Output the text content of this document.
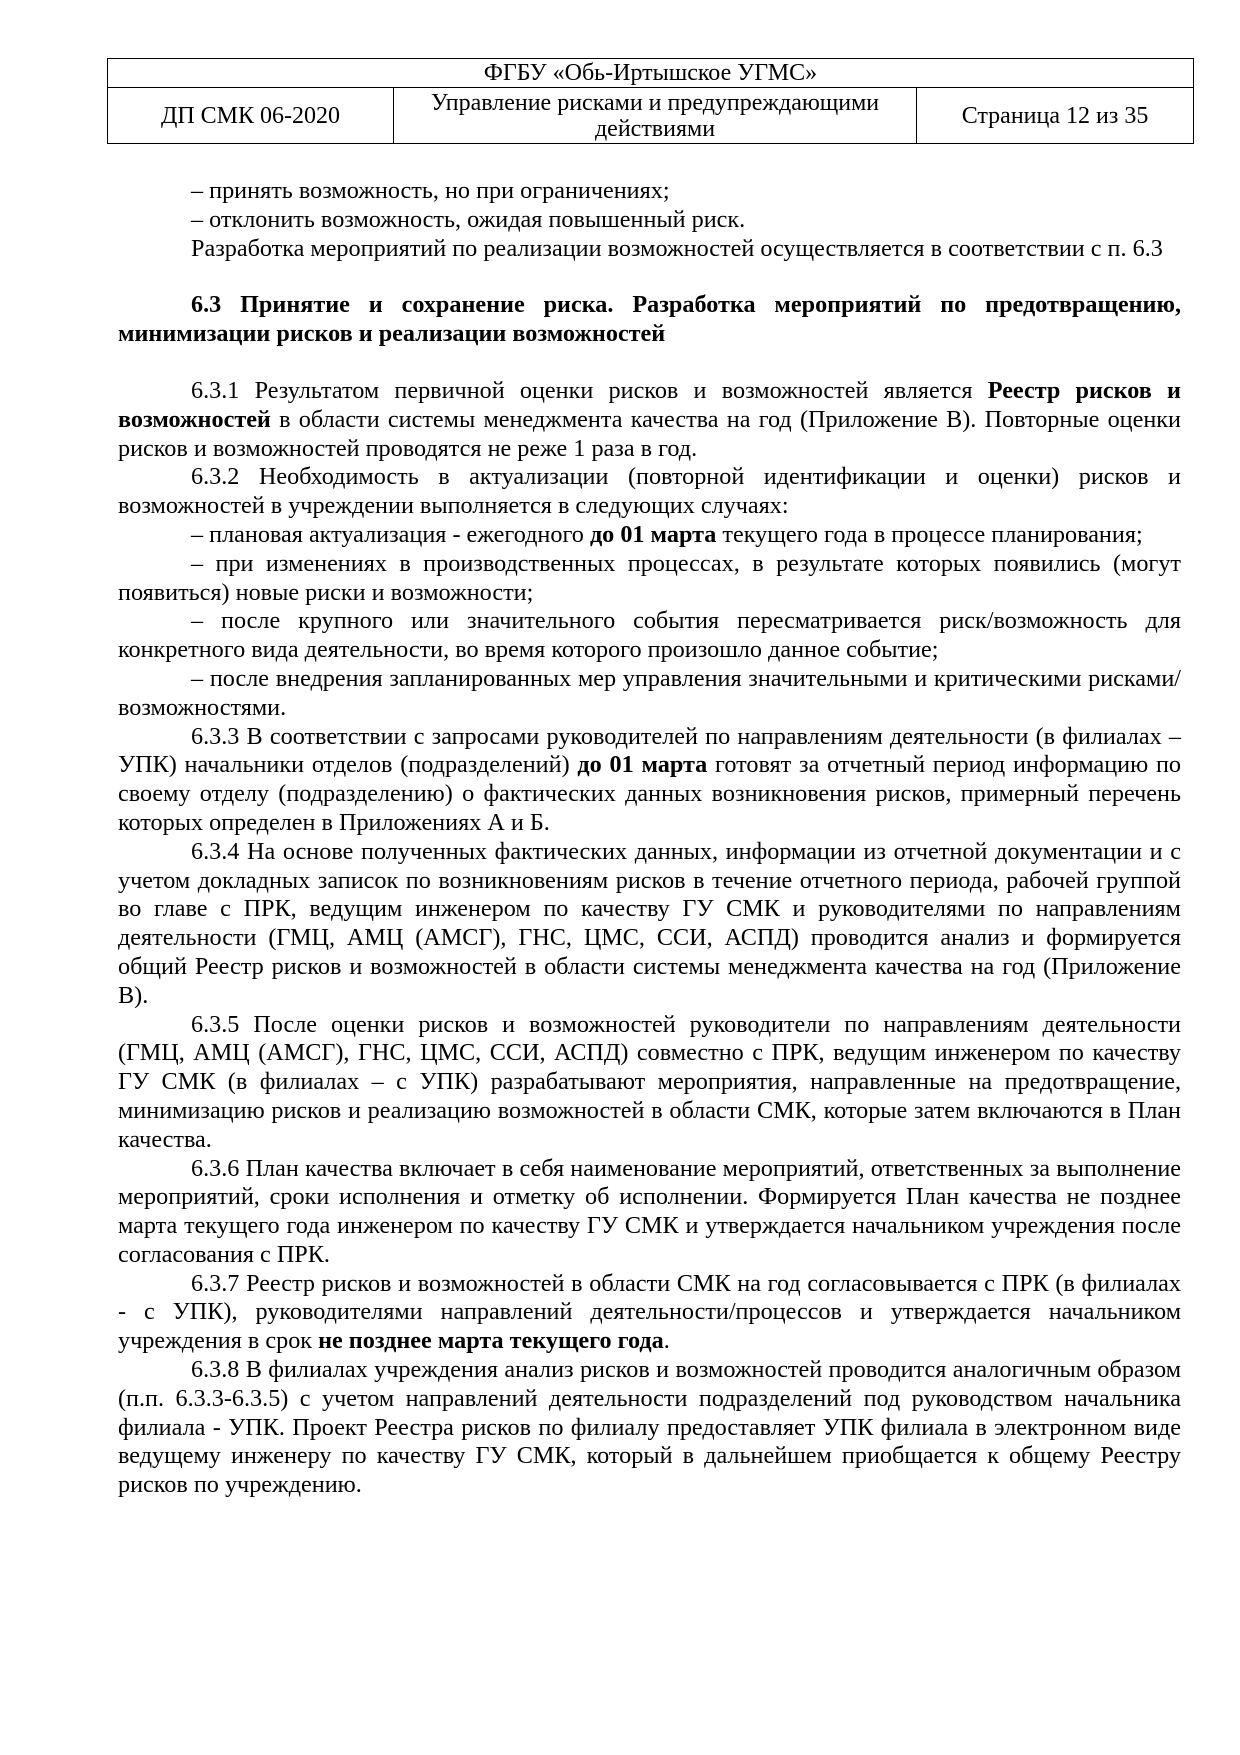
ФГБУ «Обь-Иртышское УГМС»
ДП СМК 06-2020	Управление рисками и предупреждающими действиями	Страница 12 из 35

– принять возможность, но при ограничениях;

– отклонить возможность, ожидая повышенный риск.

Разработка мероприятий по реализации возможностей осуществляется в соответствии с п. 6.3

6.3 Принятие и сохранение риска. Разработка мероприятий по предотвращению, минимизации рисков и реализации возможностей

6.3.1 Результатом первичной оценки рисков и возможностей является Реестр рисков и возможностей в области системы менеджмента качества на год (Приложение В). Повторные оценки рисков и возможностей проводятся не реже 1 раза в год.

6.3.2 Необходимость в актуализации (повторной идентификации и оценки) рисков и возможностей в учреждении выполняется в следующих случаях:

– плановая актуализация - ежегодного до 01 марта текущего года в процессе планирования;

– при изменениях в производственных процессах, в результате которых появились (могут появиться) новые риски и возможности;

– после крупного или значительного события пересматривается риск/возможность для конкретного вида деятельности, во время которого произошло данное событие;

– после внедрения запланированных мер управления значительными и критическими рисками/возможностями.

6.3.3 В соответствии с запросами руководителей по направлениям деятельности (в филиалах – УПК) начальники отделов (подразделений) до 01 марта готовят за отчетный период информацию по своему отделу (подразделению) о фактических данных возникновения рисков, примерный перечень которых определен в Приложениях А и Б.

6.3.4 На основе полученных фактических данных, информации из отчетной документации и с учетом докладных записок по возникновениям рисков в течение отчетного периода, рабочей группой во главе с ПРК, ведущим инженером по качеству ГУ СМК и руководителями по направлениям деятельности (ГМЦ, АМЦ (АМСГ), ГНС, ЦМС, ССИ, АСПД) проводится анализ и формируется общий Реестр рисков и возможностей в области системы менеджмента качества на год (Приложение В).

6.3.5 После оценки рисков и возможностей руководители по направлениям деятельности (ГМЦ, АМЦ (АМСГ), ГНС, ЦМС, ССИ, АСПД) совместно с ПРК, ведущим инженером по качеству ГУ СМК (в филиалах – с УПК) разрабатывают мероприятия, направленные на предотвращение, минимизацию рисков и реализацию возможностей в области СМК, которые затем включаются в План качества.

6.3.6 План качества включает в себя наименование мероприятий, ответственных за выполнение мероприятий, сроки исполнения и отметку об исполнении. Формируется План качества не позднее марта текущего года инженером по качеству ГУ СМК и утверждается начальником учреждения после согласования с ПРК.

6.3.7 Реестр рисков и возможностей в области СМК на год согласовывается с ПРК (в филиалах - с УПК), руководителями направлений деятельности/процессов и утверждается начальником учреждения в срок не позднее марта текущего года.

6.3.8 В филиалах учреждения анализ рисков и возможностей проводится аналогичным образом (п.п. 6.3.3-6.3.5) с учетом направлений деятельности подразделений под руководством начальника филиала - УПК. Проект Реестра рисков по филиалу предоставляет УПК филиала в электронном виде ведущему инженеру по качеству ГУ СМК, который в дальнейшем приобщается к общему Реестру рисков по учреждению.
